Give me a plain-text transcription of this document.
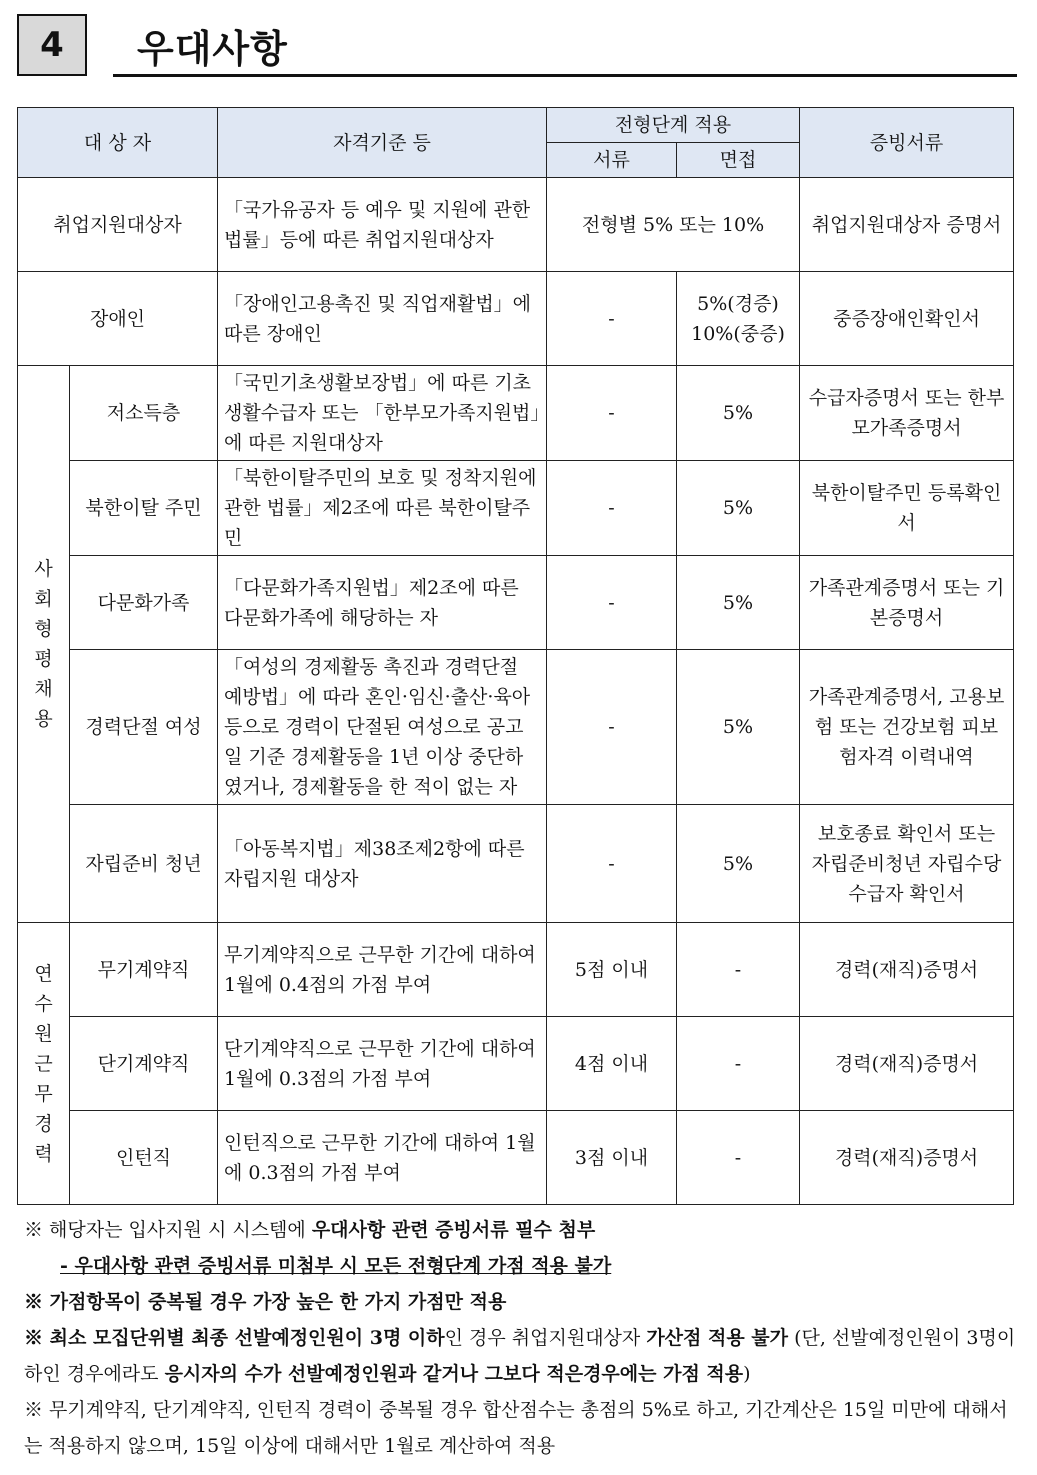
4	우대사항
대 상 자		자격기준 등	전형단계 적용		증빙서류
			서류	면접	
취업지원대상자		「국가유공자 등 예우 및 지원에 관한 법률」등에 따른 취업지원대상자	전형별 5% 또는 10%		취업지원대상자 증명서
장애인		「장애인고용촉진 및 직업재활법」에 따른 장애인	-	5%(경증) 10%(중증)	중증장애인확인서
사 회 형 평 채 용	저소득층	「국민기초생활보장법」에 따른 기초생활수급자 또는 「한부모가족지원법」에 따른 지원대상자	-	5%	수급자증명서 또는 한부모가족증명서
	북한이탈 주민	「북한이탈주민의 보호 및 정착지원에 관한 법률」제2조에 따른 북한이탈주민	-	5%	북한이탈주민 등록확인서
	다문화가족	「다문화가족지원법」제2조에 따른 다문화가족에 해당하는 자	-	5%	가족관계증명서 또는 기본증명서
	경력단절 여성	「여성의 경제활동 촉진과 경력단절 예방법」에 따라 혼인·임신·출산·육아 등으로 경력이 단절된 여성으로 공고일 기준 경제활동을 1년 이상 중단하였거나, 경제활동을 한 적이 없는 자	-	5%	가족관계증명서, 고용보험 또는 건강보험 피보험자격 이력내역
	자립준비 청년	「아동복지법」제38조제2항에 따른 자립지원 대상자	-	5%	보호종료 확인서 또는 자립준비청년 자립수당 수급자 확인서
연 수 원 근 무 경 력	무기계약직	무기계약직으로 근무한 기간에 대하여 1월에 0.4점의 가점 부여	5점 이내	-	경력(재직)증명서
	단기계약직	단기계약직으로 근무한 기간에 대하여 1월에 0.3점의 가점 부여	4점 이내	-	경력(재직)증명서
	인턴직	인턴직으로 근무한 기간에 대하여 1월에 0.3점의 가점 부여	3점 이내	-	경력(재직)증명서

※ 해당자는 입사지원 시 시스템에 우대사항 관련 증빙서류 필수 첨부

- 우대사항 관련 증빙서류 미첨부 시 모든 전형단계 가점 적용 불가

※ 가점항목이 중복될 경우 가장 높은 한 가지 가점만 적용

※ 최소 모집단위별 최종 선발예정인원이 3명 이하인 경우 취업지원대상자 가산점 적용 불가 (단, 선발예정인원이 3명이하인 경우에라도 응시자의 수가 선발예정인원과 같거나 그보다 적은경우에는 가점 적용)

※ 무기계약직, 단기계약직, 인턴직 경력이 중복될 경우 합산점수는 총점의 5%로 하고, 기간계산은 15일 미만에 대해서는 적용하지 않으며, 15일 이상에 대해서만 1월로 계산하여 적용
